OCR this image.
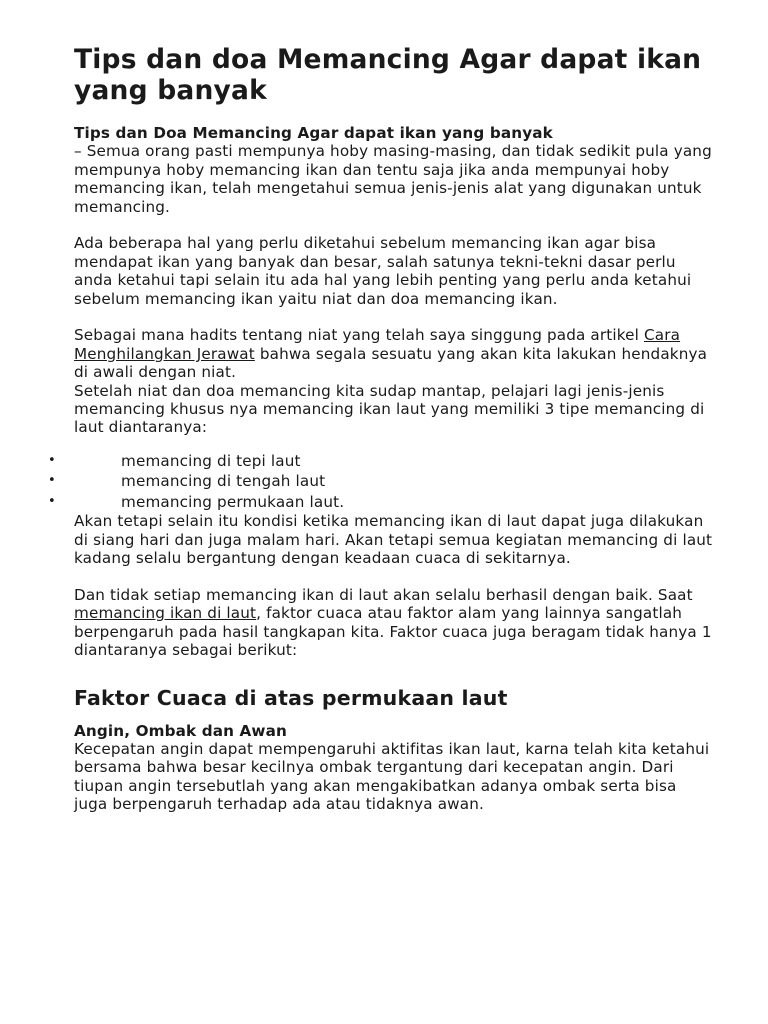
Tips dan doa Memancing Agar dapat ikan yang banyak

Tips dan Doa Memancing Agar dapat ikan yang banyak
– Semua orang pasti mempunya hoby masing-masing, dan tidak sedikit pula yang mempunya hoby memancing ikan dan tentu saja jika anda mempunyai hoby memancing ikan, telah mengetahui semua jenis-jenis alat yang digunakan untuk memancing.

Ada beberapa hal yang perlu diketahui sebelum memancing ikan agar bisa mendapat ikan yang banyak dan besar, salah satunya tekni-tekni dasar perlu anda ketahui tapi selain itu ada hal yang lebih penting yang perlu anda ketahui sebelum memancing ikan yaitu niat dan doa memancing ikan.

Sebagai mana hadits tentang niat yang telah saya singgung pada artikel Cara Menghilangkan Jerawat bahwa segala sesuatu yang akan kita lakukan hendaknya di awali dengan niat.

Setelah niat dan doa memancing kita sudap mantap, pelajari lagi jenis-jenis memancing khusus nya memancing ikan laut yang memiliki 3 tipe memancing di laut diantaranya:

•	memancing di tepi laut
•	memancing di tengah laut
•	memancing permukaan laut.

Akan tetapi selain itu kondisi ketika memancing ikan di laut dapat juga dilakukan di siang hari dan juga malam hari. Akan tetapi semua kegiatan memancing di laut kadang selalu bergantung dengan keadaan cuaca di sekitarnya.

Dan tidak setiap memancing ikan di laut akan selalu berhasil dengan baik. Saat memancing ikan di laut, faktor cuaca atau faktor alam yang lainnya sangatlah berpengaruh pada hasil tangkapan kita. Faktor cuaca juga beragam tidak hanya 1 diantaranya sebagai berikut:

Faktor Cuaca di atas permukaan laut
Angin, Ombak dan Awan

Kecepatan angin dapat mempengaruhi aktifitas ikan laut, karna telah kita ketahui bersama bahwa besar kecilnya ombak tergantung dari kecepatan angin. Dari tiupan angin tersebutlah yang akan mengakibatkan adanya ombak serta bisa juga berpengaruh terhadap ada atau tidaknya awan.
